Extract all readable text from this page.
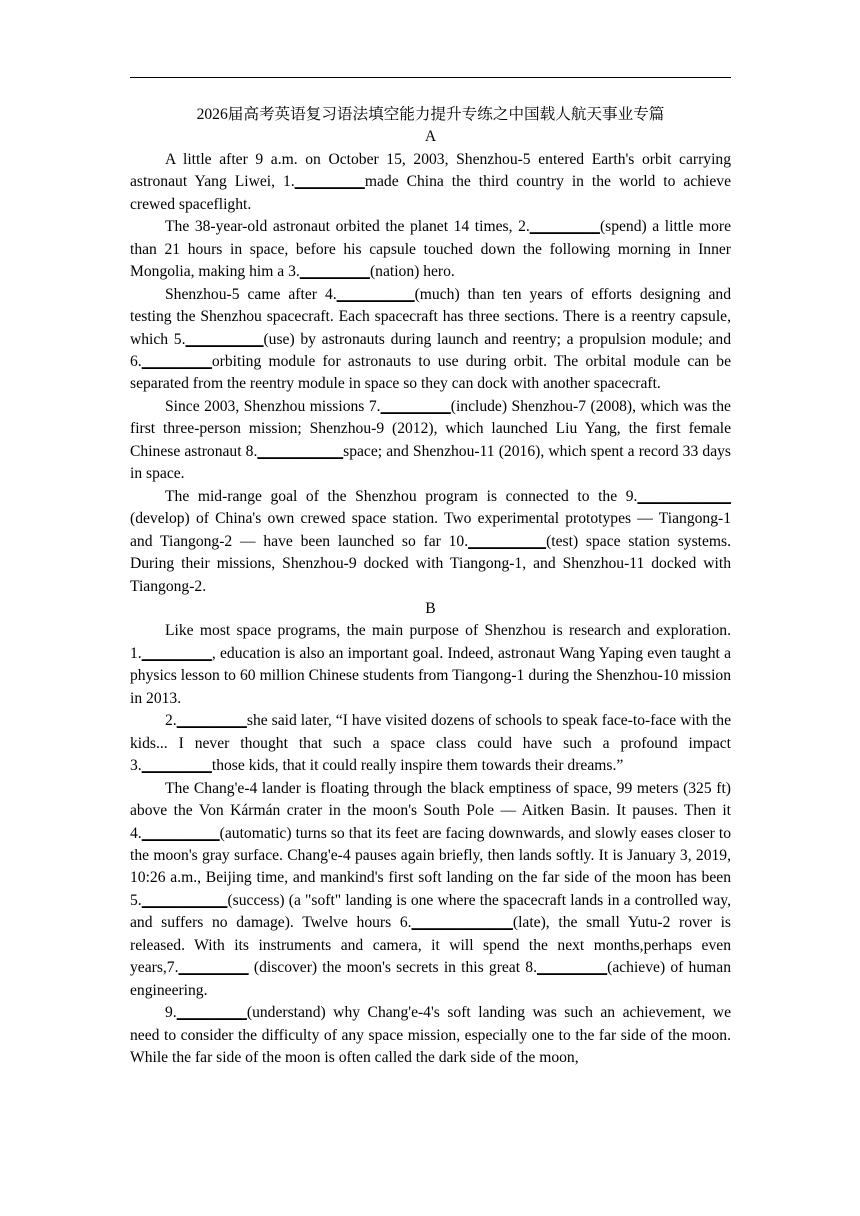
2026届高考英语复习语法填空能力提升专练之中国载人航天事业专篇

A

A little after 9 a.m. on October 15, 2003, Shenzhou-5 entered Earth's orbit carrying astronaut Yang Liwei, 1._________made China the third country in the world to achieve crewed spaceflight.

The 38-year-old astronaut orbited the planet 14 times, 2._________(spend) a little more than 21 hours in space, before his capsule touched down the following morning in Inner Mongolia, making him a 3._________(nation) hero.

Shenzhou-5 came after 4.__________(much) than ten years of efforts designing and testing the Shenzhou spacecraft. Each spacecraft has three sections. There is a reentry capsule, which 5.__________(use) by astronauts during launch and reentry; a propulsion module; and 6._________orbiting module for astronauts to use during orbit. The orbital module can be separated from the reentry module in space so they can dock with another spacecraft.

Since 2003, Shenzhou missions 7._________(include) Shenzhou-7 (2008), which was the first three-person mission; Shenzhou-9 (2012), which launched Liu Yang, the first female Chinese astronaut 8.___________space; and Shenzhou-11 (2016), which spent a record 33 days in space.

The mid-range goal of the Shenzhou program is connected to the 9.____________ (develop) of China's own crewed space station. Two experimental prototypes — Tiangong-1 and Tiangong-2 — have been launched so far 10.__________(test) space station systems. During their missions, Shenzhou-9 docked with Tiangong-1, and Shenzhou-11 docked with Tiangong-2.

B

Like most space programs, the main purpose of Shenzhou is research and exploration. 1._________, education is also an important goal. Indeed, astronaut Wang Yaping even taught a physics lesson to 60 million Chinese students from Tiangong-1 during the Shenzhou-10 mission in 2013.

2._________she said later, “I have visited dozens of schools to speak face-to-face with the kids... I never thought that such a space class could have such a profound impact 3._________those kids, that it could really inspire them towards their dreams.”

The Chang'e-4 lander is floating through the black emptiness of space, 99 meters (325 ft) above the Von Kármán crater in the moon's South Pole — Aitken Basin. It pauses. Then it 4.__________(automatic) turns so that its feet are facing downwards, and slowly eases closer to the moon's gray surface. Chang'e-4 pauses again briefly, then lands softly. It is January 3, 2019, 10:26 a.m., Beijing time, and mankind's first soft landing on the far side of the moon has been 5.___________(success) (a "soft" landing is one where the spacecraft lands in a controlled way, and suffers no damage). Twelve hours 6._____________(late), the small Yutu-2 rover is released. With its instruments and camera, it will spend the next months,perhaps even years,7._________ (discover) the moon's secrets in this great 8._________(achieve) of human engineering.

9._________(understand) why Chang'e-4's soft landing was such an achievement, we need to consider the difficulty of any space mission, especially one to the far side of the moon. While the far side of the moon is often called the dark side of the moon,
